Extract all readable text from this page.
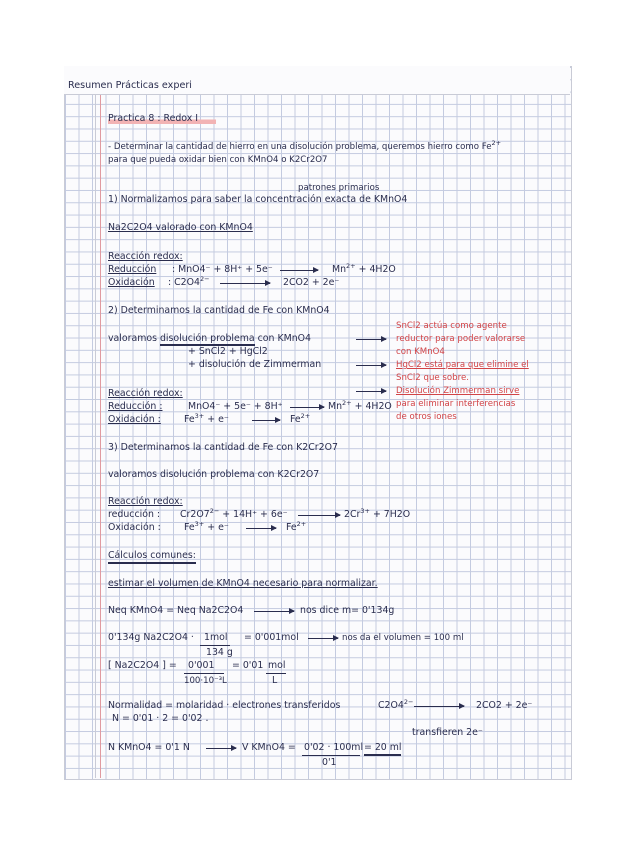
Resumen Prácticas experi
Practica 8 : Redox I
- Determinar la cantidad de hierro en una disolución problema, queremos hierro como $Fe^{2+}$
para que pueda oxidar bien con KMnO4 o K2Cr2O7
patrones primarios
1) Normalizamos para saber la concentración exacta de KMnO4
Na2C2O4 valorado con KMnO4
Reacción redox:
Reducción : MnO4⁻ + 8H⁺ + 5e⁻	$Mn^{2+} + 4H2O$
Oxidación : $C2O4^{2-}$	2CO2 + 2e⁻
2) Determinamos la cantidad de Fe con KMnO4
valoramos disolución problema con KMnO4
+ SnCl2 + HgCl2
+ disolución de Zimmerman
SnCl2 actúa como agente
reductor para poder valorarse
con KMnO4
HgCl2 está para que elimine el
SnCl2 que sobre.
Disolución Zimmerman sirve
para eliminar interferencias
de otros iones
Reacción redox:
Reducción :	MnO4⁻ + 5e⁻ + 8H⁺	$Mn^{2+} + 4H2O$
Oxidación : $Fe^{3+} + e^-$	$Fe^{2+}$
3) Determinamos la cantidad de Fe con K2Cr2O7
valoramos disolución problema con K2Cr2O7
Reacción redox:
reducción : $Cr2O7^{2-} + 14H^+ + 6e^-$	$2Cr^{3+} + 7H2O$
Oxidación : $Fe^{3+} + e^-$	$Fe^{2+}$
Cálculos comunes:
estimar el volumen de KMnO4 necesario para normalizar.
Neq KMnO4 = Neq Na2C2O4	nos dice m= 0'134g
0'134g Na2C2O4 · 1mol
134 g
= 0'001mol	nos da el volumen = 100 ml
[ Na2C2O4 ] = 0'001
100·10⁻³L
= 0'01 mol
L
Normalidad = molaridad · electrones transferidos
N = 0'01 · 2 = 0'02 .
$C2O4^{2-}$	2CO2 + 2e⁻
transfieren 2e⁻
N KMnO4 = 0'1 N	V KMnO4 = 0'02 · 100ml
0'1
= 20 ml
